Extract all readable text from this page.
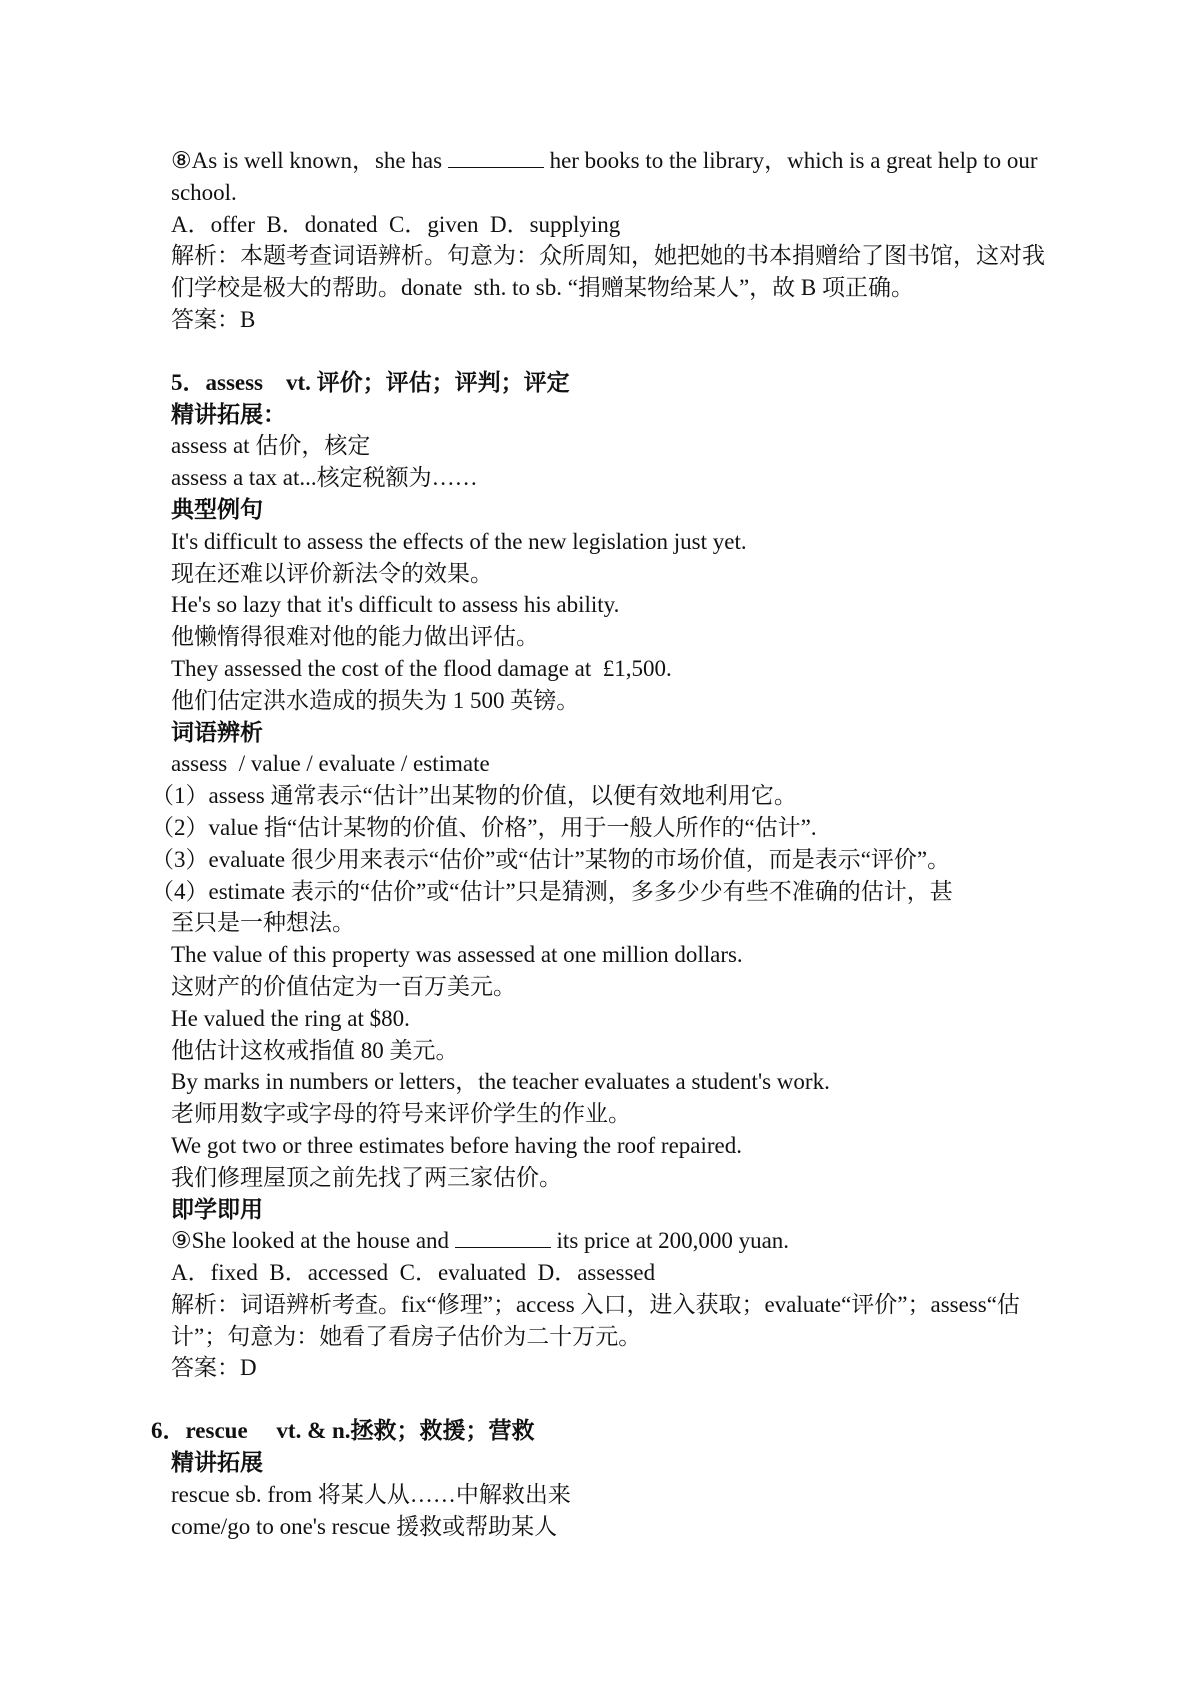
⑧As is well known，she has	her books to the library，which is a great help to our
school.
A．offer  B．donated  C．given  D．supplying
解析：本题考查词语辨析。句意为：众所周知，她把她的书本捐赠给了图书馆，这对我
们学校是极大的帮助。donate  sth. to sb. “捐赠某物给某人”，故 B 项正确。
答案：B
5．assess    vt. 评价；评估；评判；评定
精讲拓展：
assess at 估价，核定
assess a tax at...核定税额为……
典型例句
It's difficult to assess the effects of the new legislation just yet.
现在还难以评价新法令的效果。
He's so lazy that it's difficult to assess his ability.
他懒惰得很难对他的能力做出评估。
They assessed the cost of the flood damage at  £1,500.
他们估定洪水造成的损失为 1 500 英镑。
词语辨析
assess  / value / evaluate / estimate
（1）assess 通常表示“估计”出某物的价值，以便有效地利用它。
（2）value 指“估计某物的价值、价格”，用于一般人所作的“估计”.
（3）evaluate 很少用来表示“估价”或“估计”某物的市场价值，而是表示“评价”。
（4）estimate 表示的“估价”或“估计”只是猜测，多多少少有些不准确的估计，甚
至只是一种想法。
The value of this property was assessed at one million dollars.
这财产的价值估定为一百万美元。
He valued the ring at $80.
他估计这枚戒指值 80 美元。
By marks in numbers or letters，the teacher evaluates a student's work.
老师用数字或字母的符号来评价学生的作业。
We got two or three estimates before having the roof repaired.
我们修理屋顶之前先找了两三家估价。
即学即用
⑨She looked at the house and	its price at 200,000 yuan.
A．fixed  B．accessed  C．evaluated  D．assessed
解析：词语辨析考查。fix“修理”；access 入口，进入获取；evaluate“评价”；assess“估
计”；句意为：她看了看房子估价为二十万元。
答案：D
6．rescue     vt. & n.拯救；救援；营救
精讲拓展
rescue sb. from 将某人从……中解救出来
come/go to one's rescue 援救或帮助某人
